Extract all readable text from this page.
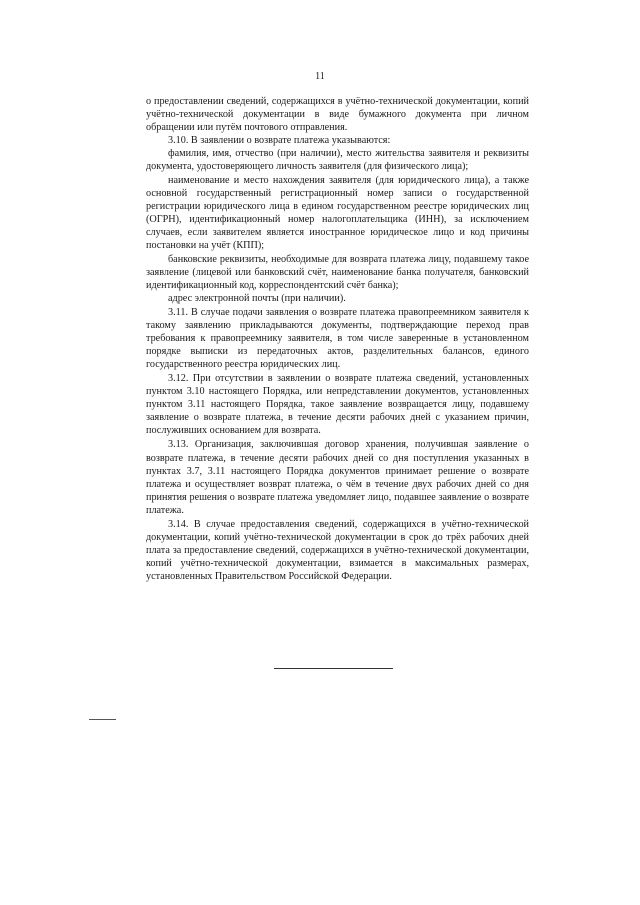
11

о предоставлении сведений, содержащихся в учётно-технической документации, копий учётно-технической документации в виде бумажного документа при личном обращении или путём почтового отправления.

3.10. В заявлении о возврате платежа указываются:

фамилия, имя, отчество (при наличии), место жительства заявителя и реквизиты документа, удостоверяющего личность заявителя (для физического лица);

наименование и место нахождения заявителя (для юридического лица), а также основной государственный регистрационный номер записи о государственной регистрации юридического лица в едином государственном реестре юридических лиц (ОГРН), идентификационный номер налогоплательщика (ИНН), за исключением случаев, если заявителем является иностранное юридическое лицо и код причины постановки на учёт (КПП);

банковские реквизиты, необходимые для возврата платежа лицу, подавшему такое заявление (лицевой или банковский счёт, наименование банка получателя, банковский идентификационный код, корреспондентский счёт банка);

адрес электронной почты (при наличии).

3.11. В случае подачи заявления о возврате платежа правопреемником заявителя к такому заявлению прикладываются документы, подтверждающие переход прав требования к правопреемнику заявителя, в том числе заверенные в установленном порядке выписки из передаточных актов, разделительных балансов, единого государственного реестра юридических лиц.

3.12. При отсутствии в заявлении о возврате платежа сведений, установленных пунктом 3.10 настоящего Порядка, или непредставлении документов, установленных пунктом 3.11 настоящего Порядка, такое заявление возвращается лицу, подавшему заявление о возврате платежа, в течение десяти рабочих дней с указанием причин, послуживших основанием для возврата.

3.13. Организация, заключившая договор хранения, получившая заявление о возврате платежа, в течение десяти рабочих дней со дня поступления указанных в пунктах 3.7, 3.11 настоящего Порядка документов принимает решение о возврате платежа и осуществляет возврат платежа, о чём в течение двух рабочих дней со дня принятия решения о возврате платежа уведомляет лицо, подавшее заявление о возврате платежа.

3.14. В случае предоставления сведений, содержащихся в учётно-технической документации, копий учётно-технической документации в срок до трёх рабочих дней плата за предоставление сведений, содержащихся в учётно-технической документации, копий учётно-технической документации, взимается в максимальных размерах, установленных Правительством Российской Федерации.
